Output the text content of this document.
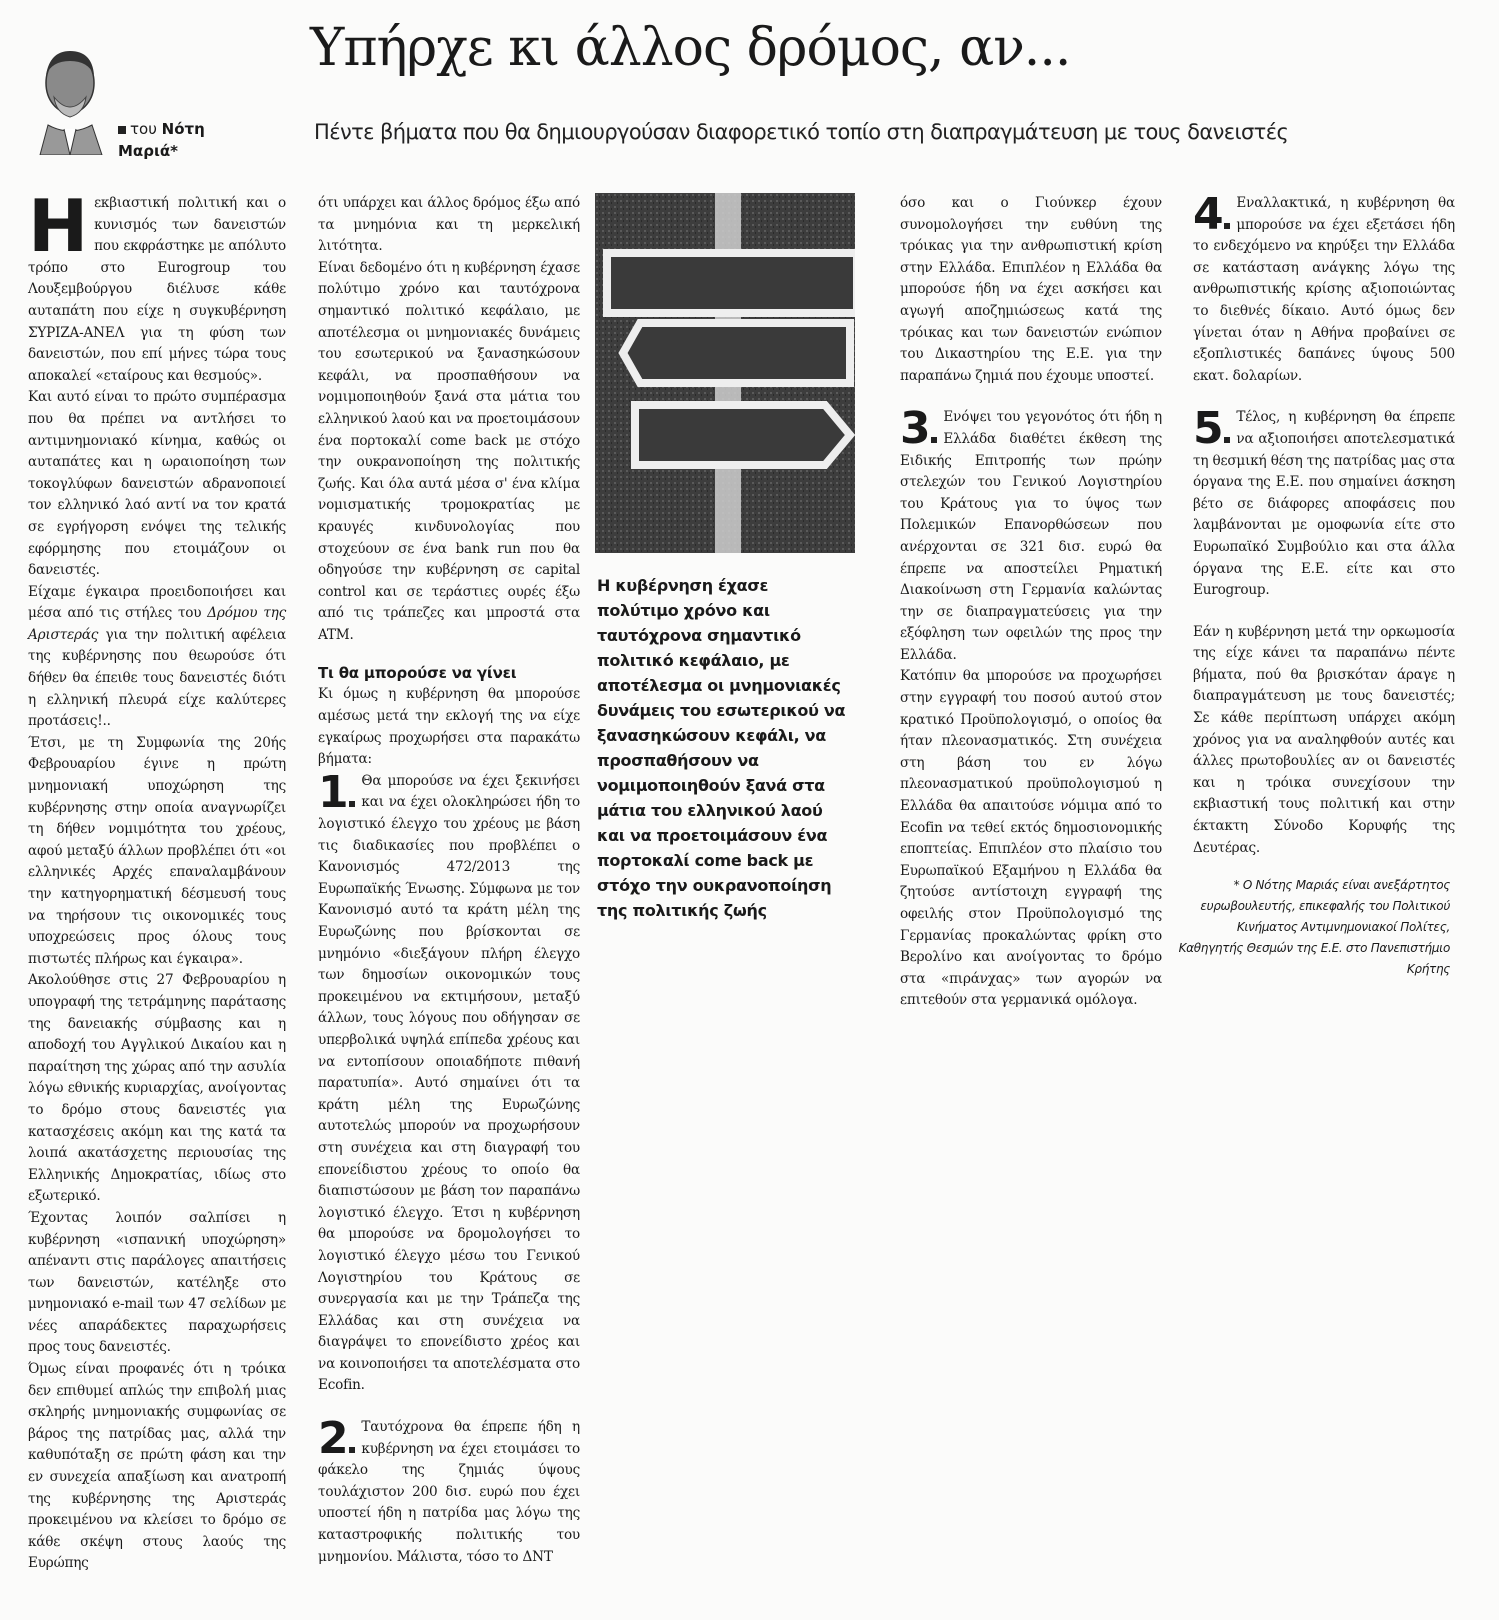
του Νότη
Μαριά*
Υπήρχε κι άλλος δρόμος, αν...
Πέντε βήματα που θα δημιουργούσαν διαφορετικό τοπίο στη διαπραγμάτευση με τους δανειστές

Ηεκβιαστική πολιτική και ο κυνισμός των δανειστών που εκφράστηκε με απόλυτο τρόπο στο Eurogroup του Λουξεμβούργου διέλυσε κάθε αυταπάτη που είχε η συγκυβέρνηση ΣΥΡΙΖΑ-ΑΝΕΛ για τη φύση των δανειστών, που επί μήνες τώρα τους αποκαλεί «εταίρους και θεσμούς».

Και αυτό είναι το πρώτο συμπέρασμα που θα πρέπει να αντλήσει το αντιμνημονιακό κίνημα, καθώς οι αυταπάτες και η ωραιοποίηση των τοκογλύφων δανειστών αδρανοποιεί τον ελληνικό λαό αντί να τον κρατά σε εγρήγορση ενόψει της τελικής εφόρμησης που ετοιμάζουν οι δανειστές.

Είχαμε έγκαιρα προειδοποιήσει και μέσα από τις στήλες του Δρόμου της Αριστεράς για την πολιτική αφέλεια της κυβέρνησης που θεωρούσε ότι δήθεν θα έπειθε τους δανειστές διότι η ελληνική πλευρά είχε καλύτερες προτάσεις!..

Έτσι, με τη Συμφωνία της 20ής Φεβρουαρίου έγινε η πρώτη μνημονιακή υποχώρηση της κυβέρνησης στην οποία αναγνωρίζει τη δήθεν νομιμότητα του χρέους, αφού μεταξύ άλλων προβλέπει ότι «οι ελληνικές Αρχές επαναλαμβάνουν την κατηγορηματική δέσμευσή τους να τηρήσουν τις οικονομικές τους υποχρεώσεις προς όλους τους πιστωτές πλήρως και έγκαιρα».

Ακολούθησε στις 27 Φεβρουαρίου η υπογραφή της τετράμηνης παράτασης της δανειακής σύμβασης και η αποδοχή του Αγγλικού Δικαίου και η παραίτηση της χώρας από την ασυλία λόγω εθνικής κυριαρχίας, ανοίγοντας το δρόμο στους δανειστές για κατασχέσεις ακόμη και της κατά τα λοιπά ακατάσχετης περιουσίας της Ελληνικής Δημοκρατίας, ιδίως στο εξωτερικό.

Έχοντας λοιπόν σαλπίσει η κυβέρνηση «ισπανική υποχώρηση» απέναντι στις παράλογες απαιτήσεις των δανειστών, κατέληξε στο μνημονιακό e-mail των 47 σελίδων με νέες απαράδεκτες παραχωρήσεις προς τους δανειστές.

Όμως είναι προφανές ότι η τρόικα δεν επιθυμεί απλώς την επιβολή μιας σκληρής μνημονιακής συμφωνίας σε βάρος της πατρίδας μας, αλλά την καθυπόταξη σε πρώτη φάση και την εν συνεχεία απαξίωση και ανατροπή της κυβέρνησης της Αριστεράς προκειμένου να κλείσει το δρόμο σε κάθε σκέψη στους λαούς της Ευρώπης

ότι υπάρχει και άλλος δρόμος έξω από τα μνημόνια και τη μερκελική λιτότητα.

Είναι δεδομένο ότι η κυβέρνηση έχασε πολύτιμο χρόνο και ταυτόχρονα σημαντικό πολιτικό κεφάλαιο, με αποτέλεσμα οι μνημονιακές δυνάμεις του εσωτερικού να ξανασηκώσουν κεφάλι, να προσπαθήσουν να νομιμοποιηθούν ξανά στα μάτια του ελληνικού λαού και να προετοιμάσουν ένα πορτοκαλί come back με στόχο την ουκρανοποίηση της πολιτικής ζωής. Και όλα αυτά μέσα σ' ένα κλίμα νομισματικής τρομοκρατίας με κραυγές κινδυνολογίας που στοχεύουν σε ένα bank run που θα οδηγούσε την κυβέρνηση σε capital control και σε τεράστιες ουρές έξω από τις τράπεζες και μπροστά στα ATM.

Τι θα μπορούσε να γίνει

Κι όμως η κυβέρνηση θα μπορούσε αμέσως μετά την εκλογή της να είχε εγκαίρως προχωρήσει στα παρακάτω βήματα:

1 Θα μπορούσε να έχει ξεκινήσει και να έχει ολοκληρώσει ήδη το λογιστικό έλεγχο του χρέους με βάση τις διαδικασίες που προβλέπει ο Κανονισμός 472/2013 της Ευρωπαϊκής Ένωσης. Σύμφωνα με τον Κανονισμό αυτό τα κράτη μέλη της Ευρωζώνης που βρίσκονται σε μνημόνιο «διεξάγουν πλήρη έλεγχο των δημοσίων οικονομικών τους προκειμένου να εκτιμήσουν, μεταξύ άλλων, τους λόγους που οδήγησαν σε υπερβολικά υψηλά επίπεδα χρέους και να εντοπίσουν οποιαδήποτε πιθανή παρατυπία». Αυτό σημαίνει ότι τα κράτη μέλη της Ευρωζώνης αυτοτελώς μπορούν να προχωρήσουν στη συνέχεια και στη διαγραφή του επονείδιστου χρέους το οποίο θα διαπιστώσουν με βάση τον παραπάνω λογιστικό έλεγχο. Έτσι η κυβέρνηση θα μπορούσε να δρομολογήσει το λογιστικό έλεγχο μέσω του Γενικού Λογιστηρίου του Κράτους σε συνεργασία και με την Τράπεζα της Ελλάδας και στη συνέχεια να διαγράψει το επονείδιστο χρέος και να κοινοποιήσει τα αποτελέσματα στο Ecofin.

2 Ταυτόχρονα θα έπρεπε ήδη η κυβέρνηση να έχει ετοιμάσει το φάκελο της ζημιάς ύψους τουλάχιστον 200 δισ. ευρώ που έχει υποστεί ήδη η πατρίδα μας λόγω της καταστροφικής πολιτικής του μνημονίου. Μάλιστα, τόσο το ΔΝΤ

Η κυβέρνηση έχασε πολύτιμο χρόνο και ταυτόχρονα σημαντικό πολιτικό κεφάλαιο, με αποτέλεσμα οι μνημονιακές δυνάμεις του εσωτερικού να ξανασηκώσουν κεφάλι, να προσπαθήσουν να νομιμοποιηθούν ξανά στα μάτια του ελληνικού λαού και να προετοιμάσουν ένα πορτοκαλί come back με στόχο την ουκρανοποίηση της πολιτικής ζωής

όσο και ο Γιούνκερ έχουν συνομολογήσει την ευθύνη της τρόικας για την ανθρωπιστική κρίση στην Ελλάδα. Επιπλέον η Ελλάδα θα μπορούσε ήδη να έχει ασκήσει και αγωγή αποζημιώσεως κατά της τρόικας και των δανειστών ενώπιον του Δικαστηρίου της Ε.Ε. για την παραπάνω ζημιά που έχουμε υποστεί.

3 Ενόψει του γεγονότος ότι ήδη η Ελλάδα διαθέτει έκθεση της Ειδικής Επιτροπής των πρώην στελεχών του Γενικού Λογιστηρίου του Κράτους για το ύψος των Πολεμικών Επανορθώσεων που ανέρχονται σε 321 δισ. ευρώ θα έπρεπε να αποστείλει Ρηματική Διακοίνωση στη Γερμανία καλώντας την σε διαπραγματεύσεις για την εξόφληση των οφειλών της προς την Ελλάδα.

Κατόπιν θα μπορούσε να προχωρήσει στην εγγραφή του ποσού αυτού στον κρατικό Προϋπολογισμό, ο οποίος θα ήταν πλεονασματικός. Στη συνέχεια στη βάση του εν λόγω πλεονασματικού προϋπολογισμού η Ελλάδα θα απαιτούσε νόμιμα από το Ecofin να τεθεί εκτός δημοσιονομικής εποπτείας. Επιπλέον στο πλαίσιο του Ευρωπαϊκού Εξαμήνου η Ελλάδα θα ζητούσε αντίστοιχη εγγραφή της οφειλής στον Προϋπολογισμό της Γερμανίας προκαλώντας φρίκη στο Βερολίνο και ανοίγοντας το δρόμο στα «πιράνχας» των αγορών να επιτεθούν στα γερμανικά ομόλογα.

4 Εναλλακτικά, η κυβέρνηση θα μπορούσε να έχει εξετάσει ήδη το ενδεχόμενο να κηρύξει την Ελλάδα σε κατάσταση ανάγκης λόγω της ανθρωπιστικής κρίσης αξιοποιώντας το διεθνές δίκαιο. Αυτό όμως δεν γίνεται όταν η Αθήνα προβαίνει σε εξοπλιστικές δαπάνες ύψους 500 εκατ. δολαρίων.

5 Τέλος, η κυβέρνηση θα έπρεπε να αξιοποιήσει αποτελεσματικά τη θεσμική θέση της πατρίδας μας στα όργανα της Ε.Ε. που σημαίνει άσκηση βέτο σε διάφορες αποφάσεις που λαμβάνονται με ομοφωνία είτε στο Ευρωπαϊκό Συμβούλιο και στα άλλα όργανα της Ε.Ε. είτε και στο Eurogroup.

Εάν η κυβέρνηση μετά την ορκωμοσία της είχε κάνει τα παραπάνω πέντε βήματα, πού θα βρισκόταν άραγε η διαπραγμάτευση με τους δανειστές; Σε κάθε περίπτωση υπάρχει ακόμη χρόνος για να αναληφθούν αυτές και άλλες πρωτοβουλίες αν οι δανειστές και η τρόικα συνεχίσουν την εκβιαστική τους πολιτική και στην έκτακτη Σύνοδο Κορυφής της Δευτέρας.

* Ο Νότης Μαριάς είναι ανεξάρτητος ευρωβουλευτής, επικεφαλής του Πολιτικού Κινήματος Αντιμνημονιακοί Πολίτες, Καθηγητής Θεσμών της Ε.Ε. στο Πανεπιστήμιο Κρήτης
